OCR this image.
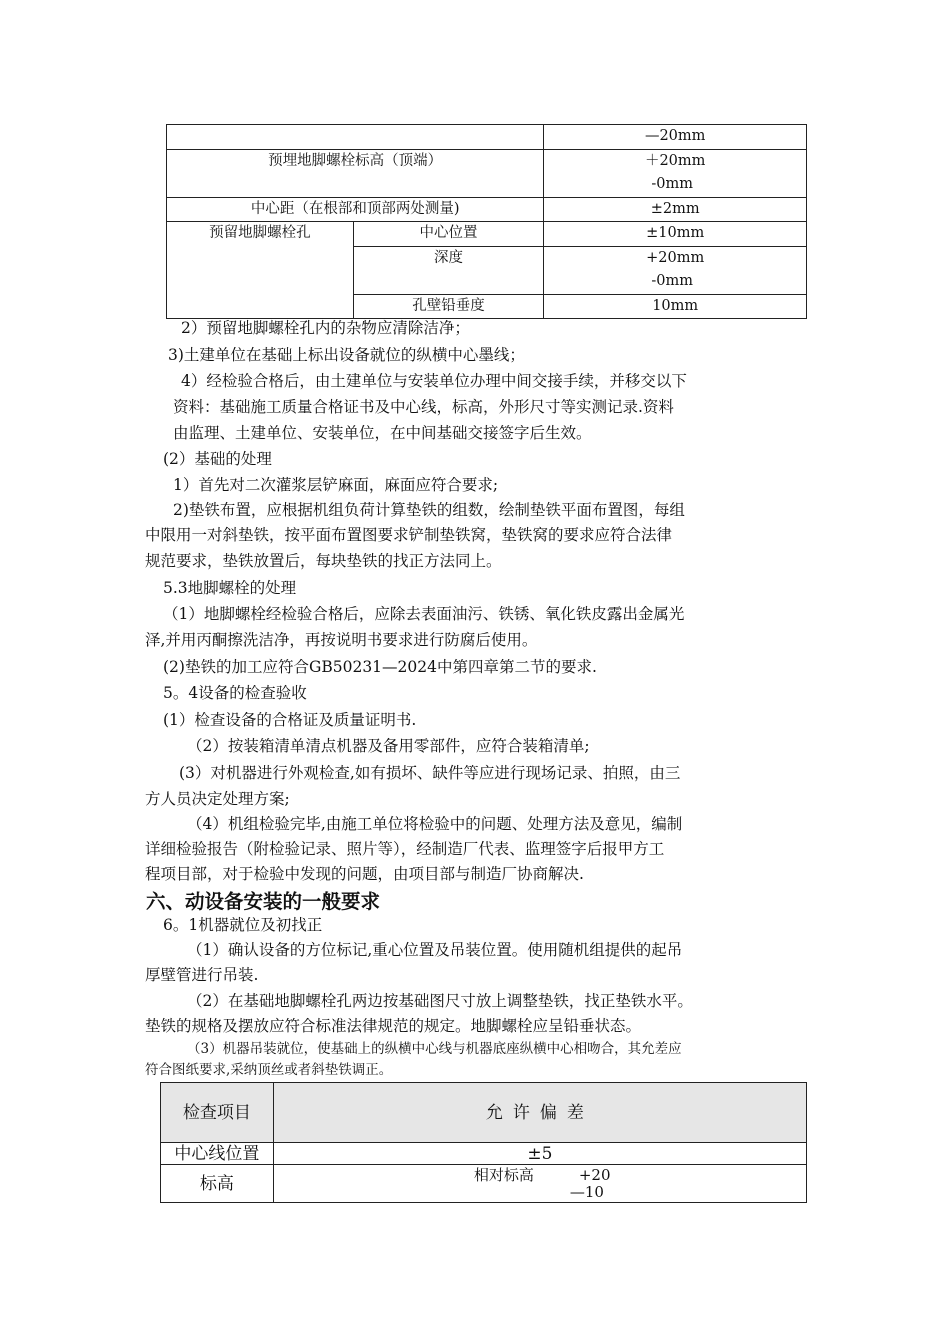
		—20mm
预埋地脚螺栓标高（顶端）		＋20mm
-0mm

中心距（在根部和顶部两处测量)		±2mm
预留地脚螺栓孔	中心位置	±10mm
	深度	+20mm
-0mm

	孔壁铅垂度	10mm
2）预留地脚螺栓孔内的杂物应清除洁净；
3)土建单位在基础上标出设备就位的纵横中心墨线；
4）经检验合格后，由土建单位与安装单位办理中间交接手续，并移交以下
资料：基础施工质量合格证书及中心线，标高，外形尺寸等实测记录.资料
由监理、土建单位、安装单位，在中间基础交接签字后生效。
(2）基础的处理
1）首先对二次灌浆层铲麻面，麻面应符合要求;
2)垫铁布置，应根据机组负荷计算垫铁的组数，绘制垫铁平面布置图，每组
中限用一对斜垫铁，按平面布置图要求铲制垫铁窝，垫铁窝的要求应符合法律
规范要求，垫铁放置后，每块垫铁的找正方法同上。
5.3地脚螺栓的处理
（1）地脚螺栓经检验合格后，应除去表面油污、铁锈、氧化铁皮露出金属光
泽,并用丙酮擦洗洁净，再按说明书要求进行防腐后使用。
(2)垫铁的加工应符合GB50231—2024中第四章第二节的要求.
5。4设备的检查验收
(1）检查设备的合格证及质量证明书.
（2）按装箱清单清点机器及备用零部件，应符合装箱清单;
(3）对机器进行外观检查,如有损坏、缺件等应进行现场记录、拍照，由三
方人员决定处理方案;
（4）机组检验完毕,由施工单位将检验中的问题、处理方法及意见，编制
详细检验报告（附检验记录、照片等），经制造厂代表、监理签字后报甲方工
程项目部，对于检验中发现的问题，由项目部与制造厂协商解决.
六、动设备安装的一般要求
6。1机器就位及初找正
（1）确认设备的方位标记,重心位置及吊装位置。使用随机组提供的起吊
厚壁管进行吊装.
（2）在基础地脚螺栓孔两边按基础图尺寸放上调整垫铁，找正垫铁水平。
垫铁的规格及摆放应符合标准法律规范的规定。地脚螺栓应呈铅垂状态。
（3）机器吊装就位，使基础上的纵横中心线与机器底座纵横中心相吻合，其允差应
符合图纸要求,采纳顶丝或者斜垫铁调正。
检查项目	允许偏差
中心线位置	±5
标高	相对标高 +20
—10
